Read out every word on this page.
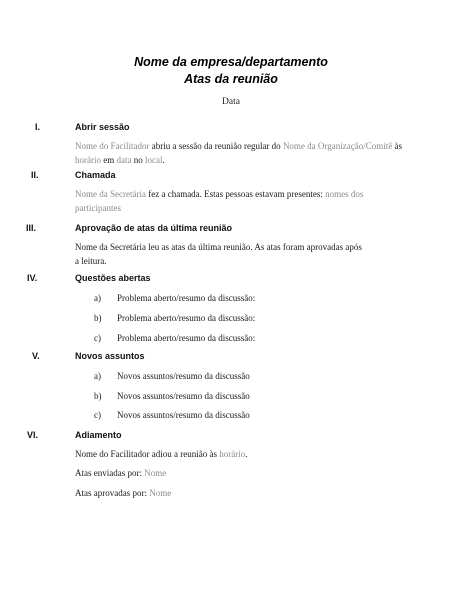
Nome da empresa/departamento
Atas da reunião
Data
I.	Abrir sessão
Nome do Facilitador abriu a sessão da reunião regular do Nome da Organização/Comitê às
horário em data no local.
II.	Chamada
Nome da Secretária fez a chamada. Estas pessoas estavam presentes: nomes dos
participantes
III.	Aprovação de atas da última reunião
Nome da Secretária leu as atas da última reunião. As atas foram aprovadas após
a leitura.
IV.	Questões abertas
a)	Problema aberto/resumo da discussão:
b)	Problema aberto/resumo da discussão:
c)	Problema aberto/resumo da discussão:
V.	Novos assuntos
a)	Novos assuntos/resumo da discussão
b)	Novos assuntos/resumo da discussão
c)	Novos assuntos/resumo da discussão
VI.	Adiamento
Nome do Facilitador adiou a reunião às horário.
Atas enviadas por: Nome
Atas aprovadas por: Nome
